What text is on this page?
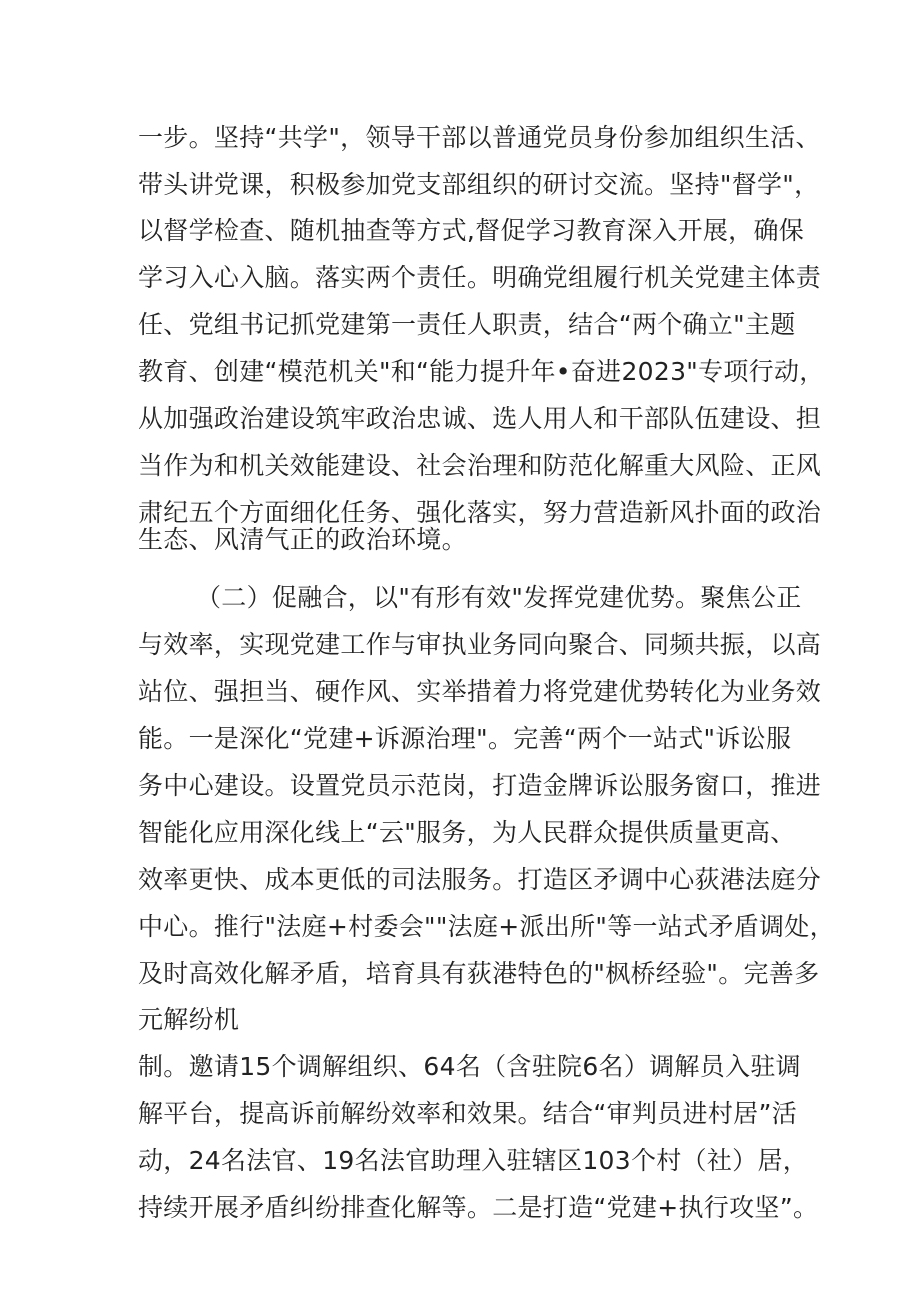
一步。坚持“共学"，领导干部以普通党员身份参加组织生活、

带头讲党课，积极参加党支部组织的研讨交流。坚持"督学"，

以督学检查、随机抽查等方式,督促学习教育深入开展，确保

学习入心入脑。落实两个责任。明确党组履行机关党建主体责

任、党组书记抓党建第一责任人职责，结合“两个确立"主题

教育、创建“模范机关"和“能力提升年•奋进2023"专项行动，

从加强政治建设筑牢政治忠诚、选人用人和干部队伍建设、担

当作为和机关效能建设、社会治理和防范化解重大风险、正风

肃纪五个方面细化任务、强化落实，努力营造新风扑面的政治

生态、风清气正的政治环境。

（二）促融合，以"有形有效"发挥党建优势。聚焦公正

与效率，实现党建工作与审执业务同向聚合、同频共振，以高

站位、强担当、硬作风、实举措着力将党建优势转化为业务效

能。一是深化“党建+诉源治理"。完善“两个一站式"诉讼服

务中心建设。设置党员示范岗，打造金牌诉讼服务窗口，推进

智能化应用深化线上“云"服务，为人民群众提供质量更高、

效率更快、成本更低的司法服务。打造区矛调中心荻港法庭分

中心。推行"法庭+村委会""法庭+派出所"等一站式矛盾调处，

及时高效化解矛盾，培育具有荻港特色的"枫桥经验"。完善多

元解纷机

制。邀请15个调解组织、64名（含驻院6名）调解员入驻调

解平台，提高诉前解纷效率和效果。结合“审判员进村居”活

动，24名法官、19名法官助理入驻辖区103个村（社）居，

持续开展矛盾纠纷排查化解等。二是打造“党建+执行攻坚”。
